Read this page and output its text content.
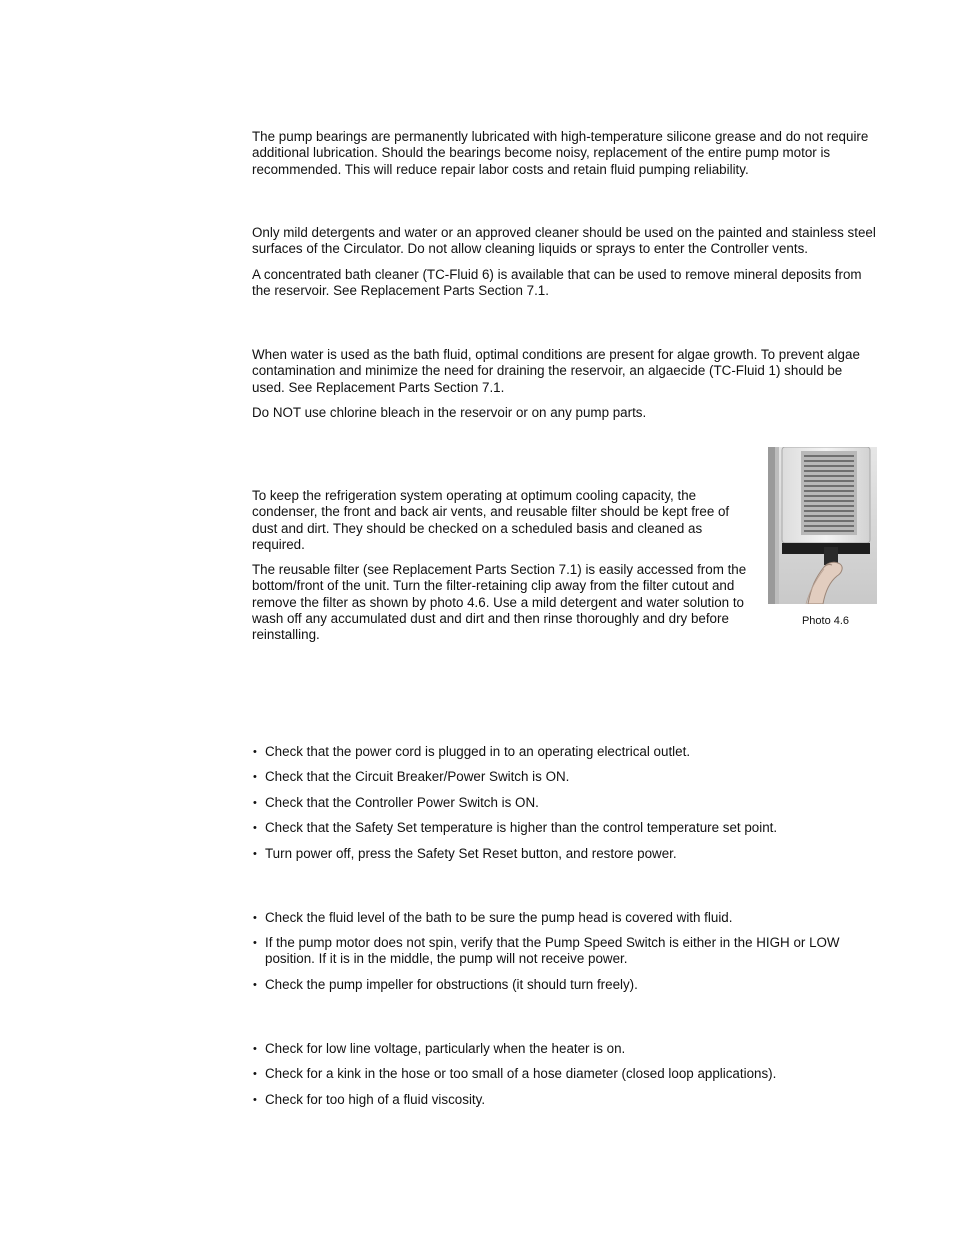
The pump bearings are permanently lubricated with high-temperature silicone grease and do not require additional lubrication. Should the bearings become noisy, replacement of the entire pump motor is recommended. This will reduce repair labor costs and retain fluid pumping reliability.

Only mild detergents and water or an approved cleaner should be used on the painted and stainless steel surfaces of the Circulator. Do not allow cleaning liquids or sprays to enter the Controller vents.

A concentrated bath cleaner (TC-Fluid 6) is available that can be used to remove mineral deposits from the reservoir. See Replacement Parts Section 7.1.

When water is used as the bath fluid, optimal conditions are present for algae growth. To prevent algae contamination and minimize the need for draining the reservoir, an algaecide (TC-Fluid 1) should be used. See Replacement Parts Section 7.1.

Do NOT use chlorine bleach in the reservoir or on any pump parts.

To keep the refrigeration system operating at optimum cooling capacity, the condenser, the front and back air vents, and reusable filter should be kept free of dust and dirt. They should be checked on a scheduled basis and cleaned as required.

The reusable filter (see Replacement Parts Section 7.1) is easily accessed from the bottom/front of the unit. Turn the filter-retaining clip away from the filter cutout and remove the filter as shown by photo 4.6. Use a mild detergent and water solution to wash off any accumulated dust and dirt and then rinse thoroughly and dry before reinstalling.

Photo 4.6
• Check that the power cord is plugged in to an operating electrical outlet.
• Check that the Circuit Breaker/Power Switch is ON.
• Check that the Controller Power Switch is ON.
• Check that the Safety Set temperature is higher than the control temperature set point.
• Turn power off, press the Safety Set Reset button, and restore power.
• Check the fluid level of the bath to be sure the pump head is covered with fluid.
• If the pump motor does not spin, verify that the Pump Speed Switch is either in the HIGH or LOW position. If it is in the middle, the pump will not receive power.
• Check the pump impeller for obstructions (it should turn freely).
• Check for low line voltage, particularly when the heater is on.
• Check for a kink in the hose or too small of a hose diameter (closed loop applications).
• Check for too high of a fluid viscosity.
